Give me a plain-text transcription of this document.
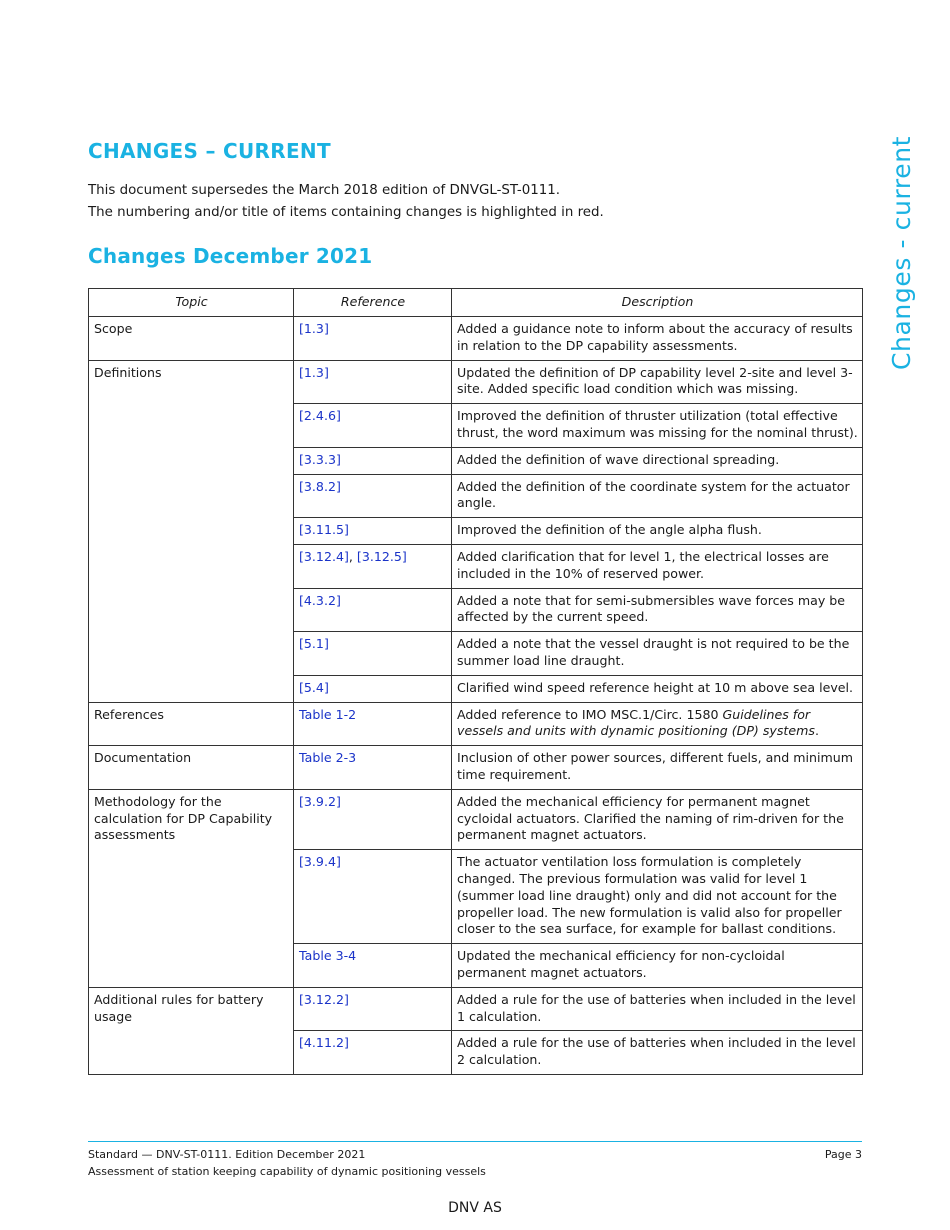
CHANGES – CURRENT

This document supersedes the March 2018 edition of DNVGL-ST-0111.

The numbering and/or title of items containing changes is highlighted in red.

Changes December 2021	Changes - current
Topic	Reference	Description
Scope	[1.3]	Added a guidance note to inform about the accuracy of results in relation to the DP capability assessments.
Definitions	[1.3]	Updated the definition of DP capability level 2-site and level 3-site. Added specific load condition which was missing.
	[2.4.6]	Improved the definition of thruster utilization (total effective thrust, the word maximum was missing for the nominal thrust).
	[3.3.3]	Added the definition of wave directional spreading.
	[3.8.2]	Added the definition of the coordinate system for the actuator angle.
	[3.11.5]	Improved the definition of the angle alpha flush.
	[3.12.4], [3.12.5]	Added clarification that for level 1, the electrical losses are included in the 10% of reserved power.
	[4.3.2]	Added a note that for semi-submersibles wave forces may be affected by the current speed.
	[5.1]	Added a note that the vessel draught is not required to be the summer load line draught.
	[5.4]	Clarified wind speed reference height at 10 m above sea level.
References	Table 1-2	Added reference to IMO MSC.1/Circ. 1580 Guidelines for vessels and units with dynamic positioning (DP) systems.
Documentation	Table 2-3	Inclusion of other power sources, different fuels, and minimum time requirement.
Methodology for the calculation for DP Capability assessments	[3.9.2]	Added the mechanical efficiency for permanent magnet cycloidal actuators. Clarified the naming of rim-driven for the permanent magnet actuators.
	[3.9.4]	The actuator ventilation loss formulation is completely changed. The previous formulation was valid for level 1 (summer load line draught) only and did not account for the propeller load. The new formulation is valid also for propeller closer to the sea surface, for example for ballast conditions.
	Table 3-4	Updated the mechanical efficiency for non-cycloidal permanent magnet actuators.
Additional rules for battery usage	[3.12.2]	Added a rule for the use of batteries when included in the level 1 calculation.
	[4.11.2]	Added a rule for the use of batteries when included in the level 2 calculation.
Standard — DNV-ST-0111. Edition December 2021
Assessment of station keeping capability of dynamic positioning vessels
Page 3
DNV AS
